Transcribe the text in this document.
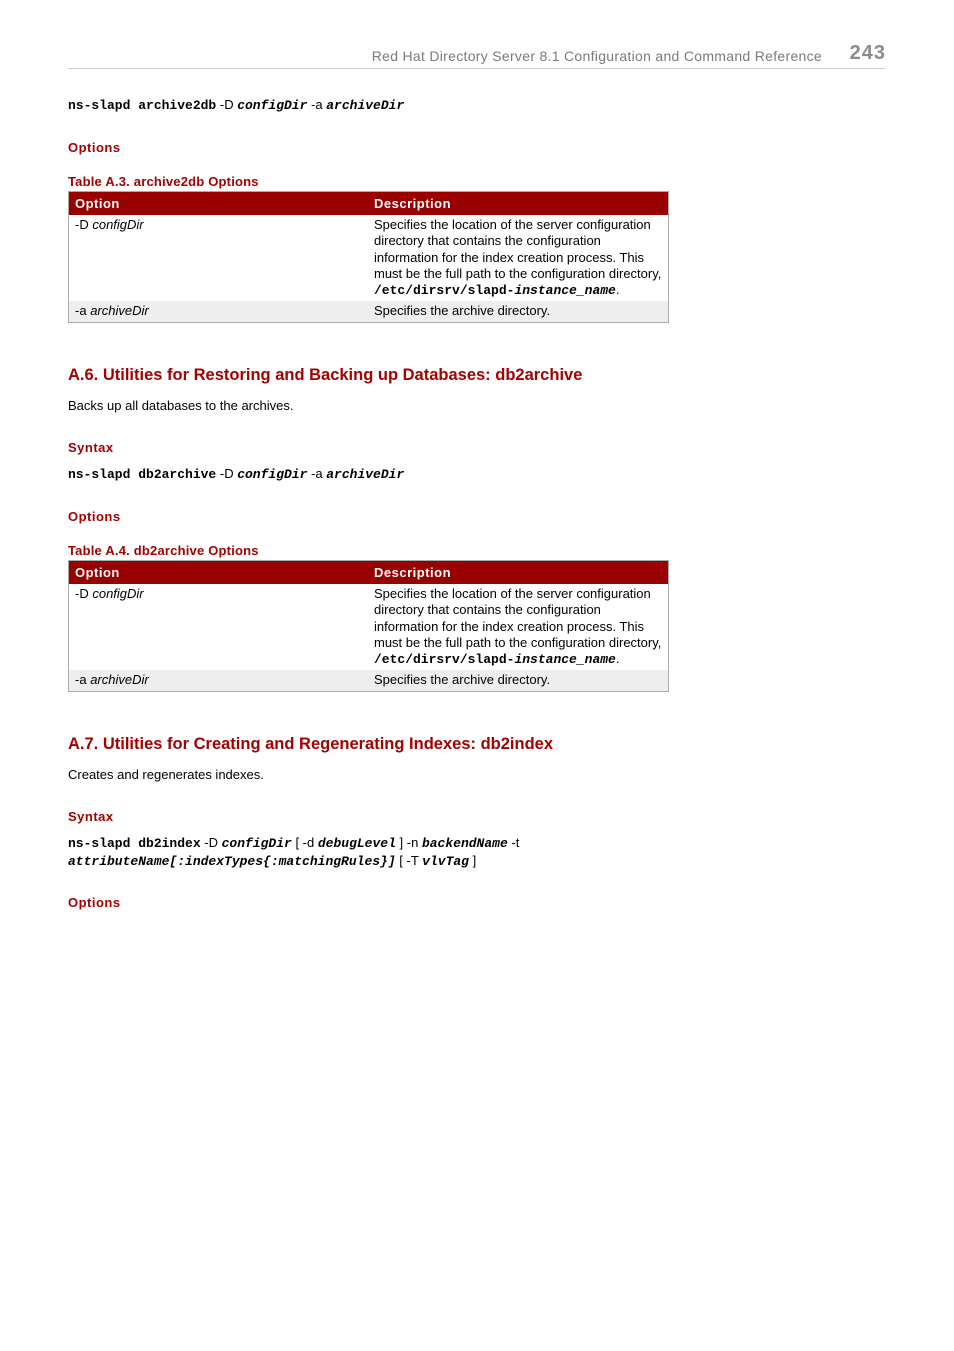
Red Hat Directory Server 8.1 Configuration and Command Reference 243
ns-slapd archive2db -D configDir -a archiveDir
Options
Table A.3. archive2db Options
Option	Description
-D configDir	Specifies the location of the server configuration directory that contains the configuration information for the index creation process. This must be the full path to the configuration directory,
/etc/dirsrv/slapd-instance_name.
-a archiveDir	Specifies the archive directory.
A.6. Utilities for Restoring and Backing up Databases: db2archive
Backs up all databases to the archives.
Syntax
ns-slapd db2archive -D configDir -a archiveDir
Options
Table A.4. db2archive Options
Option	Description
-D configDir	Specifies the location of the server configuration directory that contains the configuration information for the index creation process. This must be the full path to the configuration directory,
/etc/dirsrv/slapd-instance_name.
-a archiveDir	Specifies the archive directory.
A.7. Utilities for Creating and Regenerating Indexes: db2index
Creates and regenerates indexes.
Syntax
ns-slapd db2index -D configDir [ -d debugLevel ] -n backendName -t
attributeName[:indexTypes{:matchingRules}] [ -T vlvTag ]
Options
